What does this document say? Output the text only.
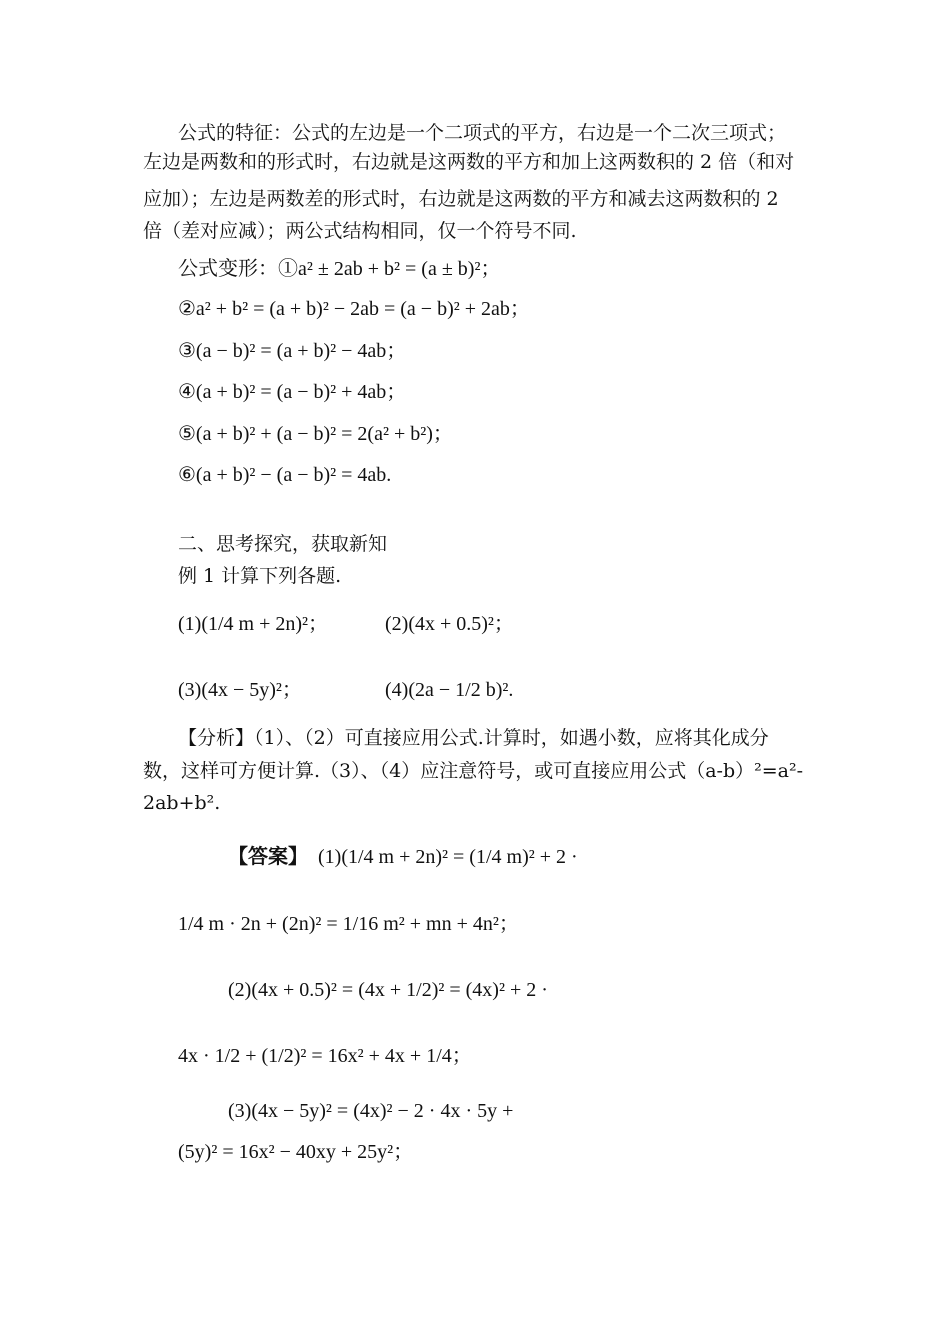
公式的特征：公式的左边是一个二项式的平方，右边是一个二次三项式；
左边是两数和的形式时，右边就是这两数的平方和加上这两数积的 2 倍（和对
应加）；左边是两数差的形式时，右边就是这两数的平方和减去这两数积的 2
倍（差对应减）；两公式结构相同，仅一个符号不同.
公式变形：①a² ± 2ab + b² = (a ± b)²；
②a² + b² = (a + b)² − 2ab = (a − b)² + 2ab；
③(a − b)² = (a + b)² − 4ab；
④(a + b)² = (a − b)² + 4ab；
⑤(a + b)² + (a − b)² = 2(a² + b²)；
⑥(a + b)² − (a − b)² = 4ab.
二、思考探究，获取新知
例 1 计算下列各题.
(1)(1/4 m + 2n)²；	(2)(4x + 0.5)²；
(3)(4x − 5y)²；	(4)(2a − 1/2 b)².
【分析】（1）、（2）可直接应用公式.计算时，如遇小数，应将其化成分
数，这样可方便计算.（3）、（4）应注意符号，或可直接应用公式（a-b）²=a²-
2ab+b².
【答案】 (1)(1/4 m + 2n)² = (1/4 m)² + 2 ·
1/4 m · 2n + (2n)² = 1/16 m² + mn + 4n²；
(2)(4x + 0.5)² = (4x + 1/2)² = (4x)² + 2 ·
4x · 1/2 + (1/2)² = 16x² + 4x + 1/4；
(3)(4x − 5y)² = (4x)² − 2 · 4x · 5y +
(5y)² = 16x² − 40xy + 25y²；
